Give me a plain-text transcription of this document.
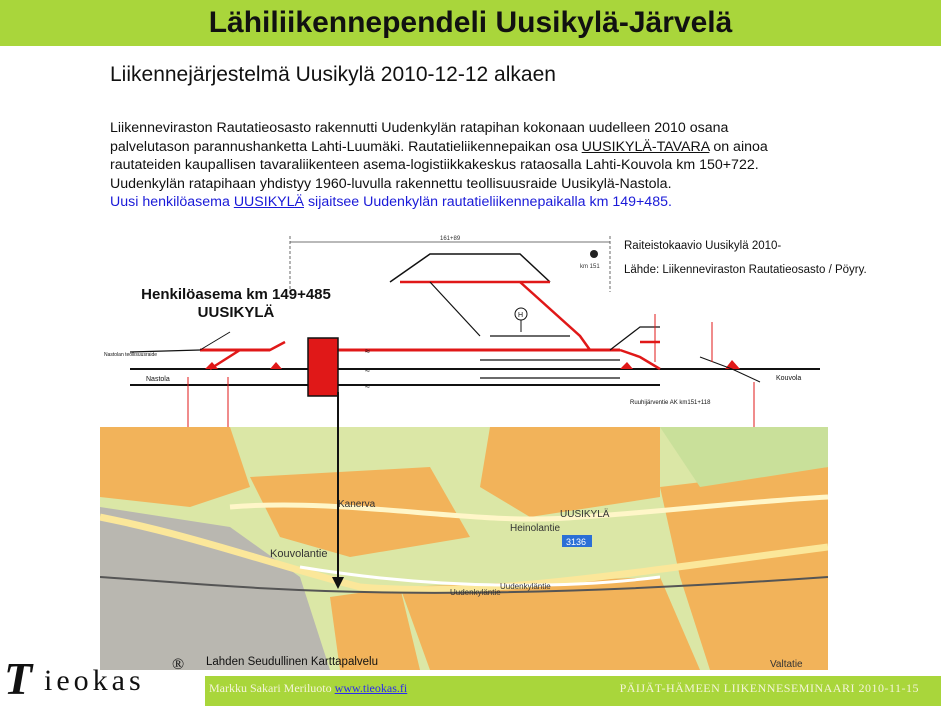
Lähiliikennependeli Uusikylä-Järvelä
Liikennejärjestelmä Uusikylä 2010-12-12 alkaen
Liikenneviraston Rautatieosasto rakennutti Uudenkylän ratapihan kokonaan uudelleen 2010 osana
palvelutason parannushanketta Lahti-Luumäki. Rautatieliikennepaikan osa UUSIKYLÄ-TAVARA on ainoa
rautateiden kaupallisen tavaraliikenteen asema-logistiikkakeskus rataosalla Lahti-Kouvola km 150+722.
Uudenkylän ratapihaan yhdistyy 1960-luvulla rakennettu teollisuusraide Uusikylä-Nastola.
Uusi henkilöasema UUSIKYLÄ sijaitsee Uudenkylän rautatieliikennepaikalla km 149+485.
161+89
km 151
H
≈
≈
≈
Nastola
Nastolan teollisuusraide
Kouvola
Ruuhijärventie AK km151+118
Raiteistokaavio Uusikylä 2010-
Lähde: Liikenneviraston Rautatieosasto / Pöyry.
Henkilöasema km 149+485
UUSIKYLÄ
3136
Kanerva
UUSIKYLÄ
Heinolantie
Kouvolantie
Uudenkyläntie
Uudenkyläntie
Valtatie
Lahden Seudullinen Karttapalvelu
Markku Sakari Meriluoto www.tieokas.fi	PÄIJÄT-HÄMEEN LIIKENNESEMINAARI 2010-11-15
T ieokas ®
